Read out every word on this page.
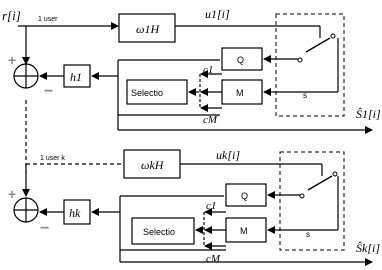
r[i] 1 user
ω1H
u1[i]
+
−
h1
Selectio
c1
cM
Q
M	s
Ŝ1[i]
1 user k	ωkH
uk[i]
+
−
hk
Selectio
c1
cM
Q
M	s
Ŝk[i]
